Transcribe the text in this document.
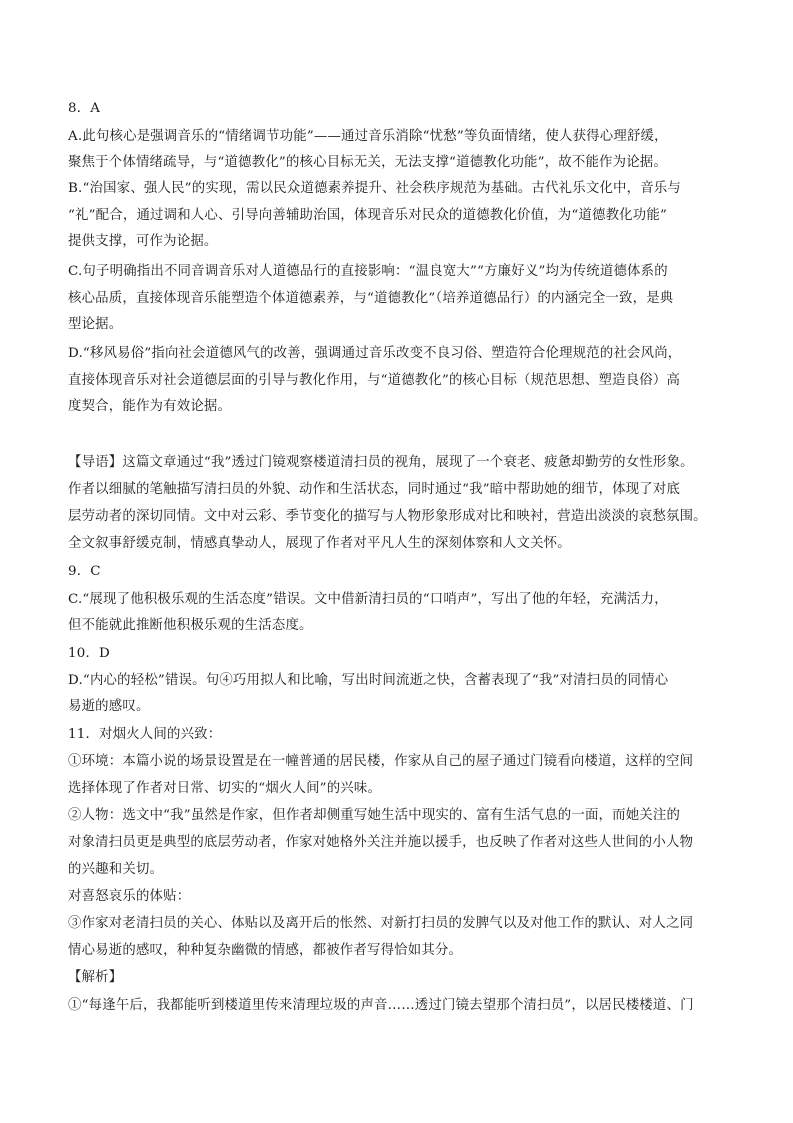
8．A
A.此句核心是强调音乐的“情绪调节功能”——通过音乐消除“忧愁”等负面情绪，使人获得心理舒缓，
聚焦于个体情绪疏导，与“道德教化”的核心目标无关，无法支撑“道德教化功能”，故不能作为论据。
B.“治国家、强人民”的实现，需以民众道德素养提升、社会秩序规范为基础。古代礼乐文化中，音乐与
“礼”配合，通过调和人心、引导向善辅助治国，体现音乐对民众的道德教化价值，为“道德教化功能”
提供支撑，可作为论据。
C.句子明确指出不同音调音乐对人道德品行的直接影响：“温良宽大”“方廉好义”均为传统道德体系的
核心品质，直接体现音乐能塑造个体道德素养，与“道德教化”（培养道德品行）的内涵完全一致，是典
型论据。
D.“移风易俗”指向社会道德风气的改善，强调通过音乐改变不良习俗、塑造符合伦理规范的社会风尚，
直接体现音乐对社会道德层面的引导与教化作用，与“道德教化”的核心目标（规范思想、塑造良俗）高
度契合，能作为有效论据。
【导语】这篇文章通过“我”透过门镜观察楼道清扫员的视角，展现了一个衰老、疲惫却勤劳的女性形象。
作者以细腻的笔触描写清扫员的外貌、动作和生活状态，同时通过“我”暗中帮助她的细节，体现了对底
层劳动者的深切同情。文中对云彩、季节变化的描写与人物形象形成对比和映衬，营造出淡淡的哀愁氛围。
全文叙事舒缓克制，情感真挚动人，展现了作者对平凡人生的深刻体察和人文关怀。
9．C
C.“展现了他积极乐观的生活态度”错误。文中借新清扫员的“口哨声”，写出了他的年轻，充满活力，
但不能就此推断他积极乐观的生活态度。
10．D
D.“内心的轻松”错误。句④巧用拟人和比喻，写出时间流逝之快，含蓄表现了“我”对清扫员的同情心
易逝的感叹。
11．对烟火人间的兴致：
①环境：本篇小说的场景设置是在一幢普通的居民楼，作家从自己的屋子通过门镜看向楼道，这样的空间
选择体现了作者对日常、切实的“烟火人间”的兴味。
②人物：选文中“我”虽然是作家，但作者却侧重写她生活中现实的、富有生活气息的一面，而她关注的
对象清扫员更是典型的底层劳动者，作家对她格外关注并施以援手，也反映了作者对这些人世间的小人物
的兴趣和关切。
对喜怒哀乐的体贴：
③作家对老清扫员的关心、体贴以及离开后的怅然、对新打扫员的发脾气以及对他工作的默认、对人之同
情心易逝的感叹，种种复杂幽微的情感，都被作者写得恰如其分。
【解析】
①“每逢午后，我都能听到楼道里传来清理垃圾的声音……透过门镜去望那个清扫员”，以居民楼楼道、门
